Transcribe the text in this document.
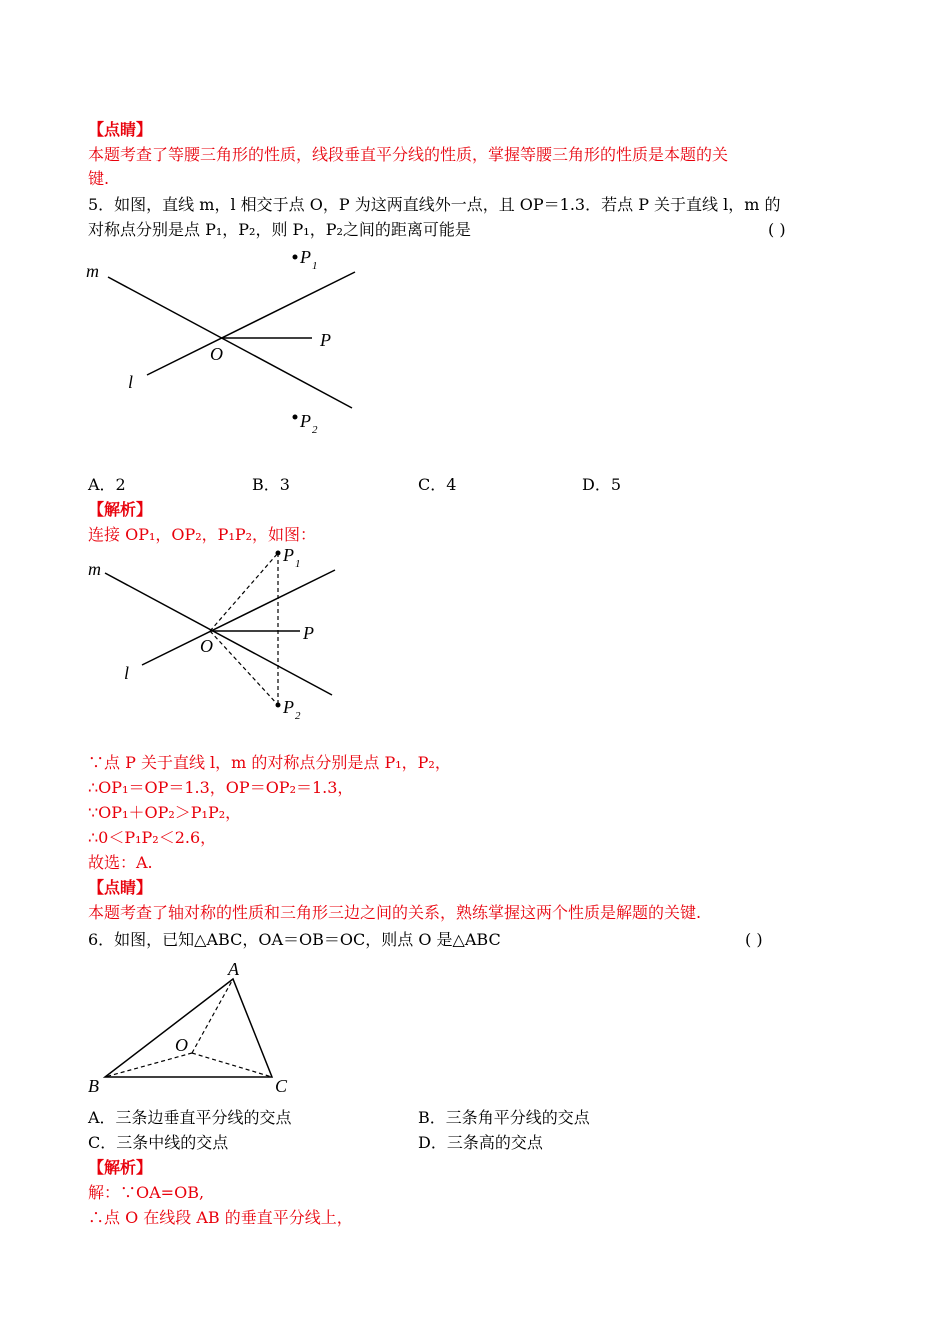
【点睛】
本题考查了等腰三角形的性质，线段垂直平分线的性质，掌握等腰三角形的性质是本题的关
键.
5．如图，直线 m，l 相交于点 O，P 为这两直线外一点，且 OP＝1.3．若点 P 关于直线 l，m 的
对称点分别是点 P₁，P₂，则 P₁，P₂之间的距离可能是	( )
m
l
O
P
P 1
P 2
A．2	B．3	C．4	D．5
【解析】
连接 OP₁，OP₂，P₁P₂，如图：
m
l
O
P
P 1
P 2
∵点 P 关于直线 l，m 的对称点分别是点 P₁，P₂，
∴OP₁＝OP＝1.3，OP＝OP₂＝1.3，
∵OP₁＋OP₂＞P₁P₂，
∴0＜P₁P₂＜2.6，
故选：A.
【点睛】
本题考查了轴对称的性质和三角形三边之间的关系，熟练掌握这两个性质是解题的关键.
6．如图，已知△ABC，OA＝OB＝OC，则点 O 是△ABC	( )
A
B	C
O
A．三条边垂直平分线的交点	B．三条角平分线的交点
C．三条中线的交点	D．三条高的交点
【解析】
解：∵OA=OB,
∴点 O 在线段 AB 的垂直平分线上，
